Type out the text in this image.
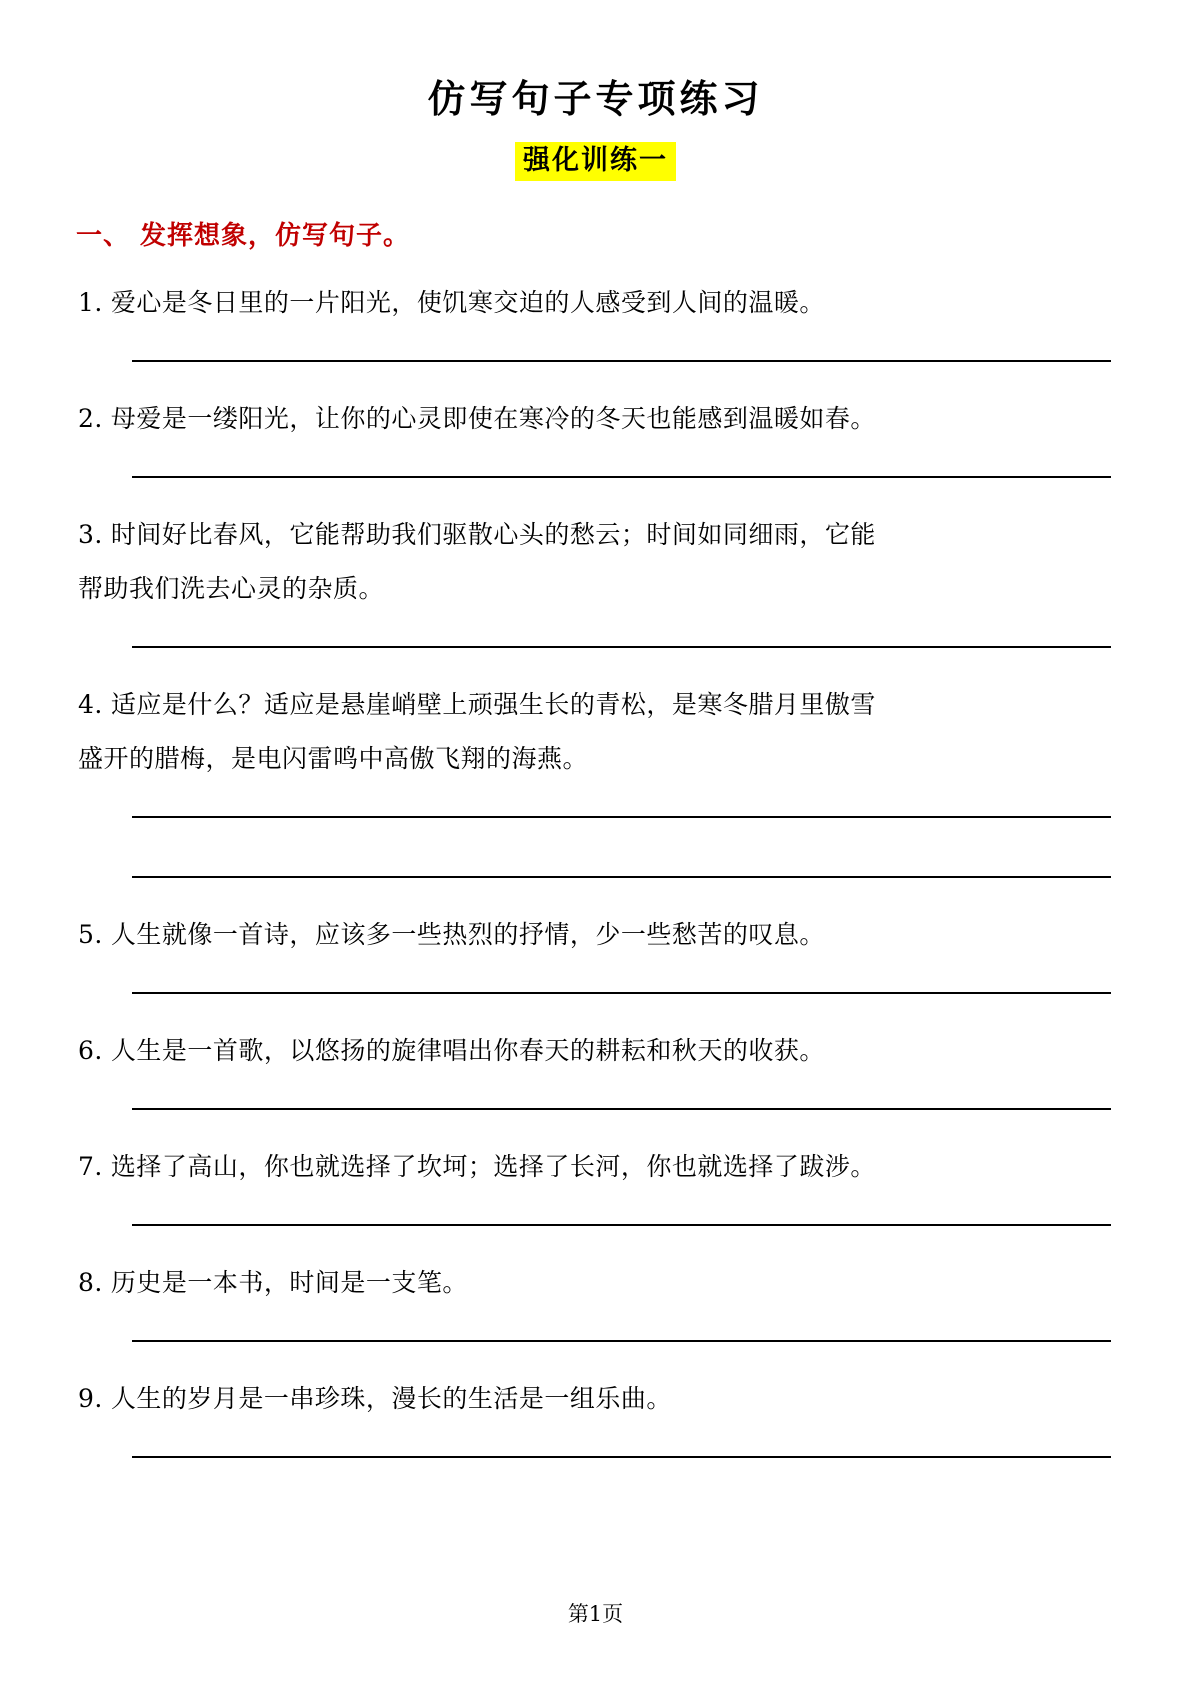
仿写句子专项练习
强化训练一
一、 发挥想象，仿写句子。
1. 爱心是冬日里的一片阳光，使饥寒交迫的人感受到人间的温暖。
2. 母爱是一缕阳光，让你的心灵即使在寒冷的冬天也能感到温暖如春。
3. 时间好比春风，它能帮助我们驱散心头的愁云；时间如同细雨，它能
帮助我们洗去心灵的杂质。
4. 适应是什么？适应是悬崖峭壁上顽强生长的青松，是寒冬腊月里傲雪
盛开的腊梅，是电闪雷鸣中高傲飞翔的海燕。
5. 人生就像一首诗，应该多一些热烈的抒情，少一些愁苦的叹息。
6. 人生是一首歌，以悠扬的旋律唱出你春天的耕耘和秋天的收获。
7. 选择了高山，你也就选择了坎坷；选择了长河，你也就选择了跋涉。
8. 历史是一本书，时间是一支笔。
9. 人生的岁月是一串珍珠，漫长的生活是一组乐曲。
第1页
